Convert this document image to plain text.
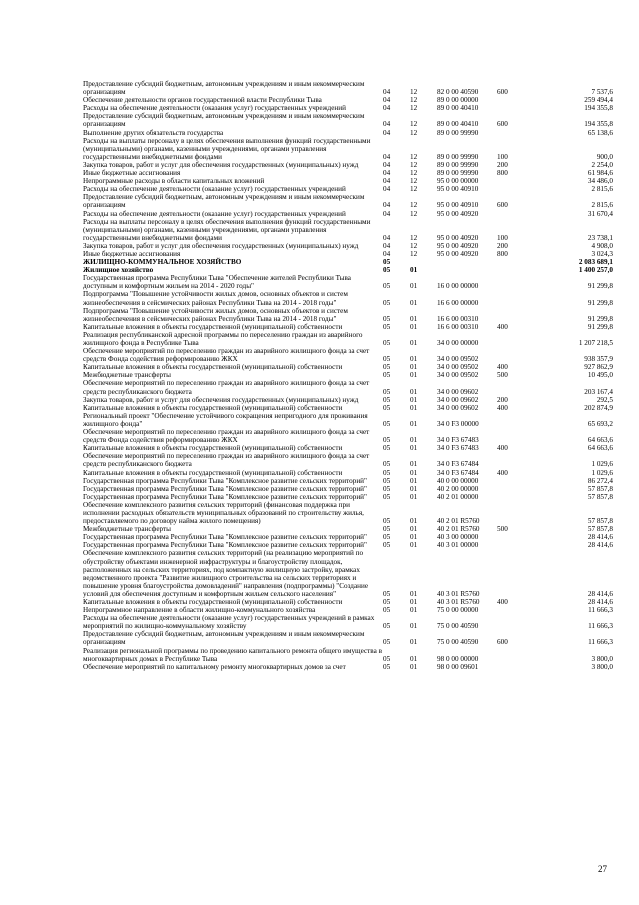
Предоставление субсидий бюджетным, автономным учреждениям и иным некоммерческим организациям	04	12	82 0 00 40590	600	7 537,6
Обеспечение деятельности органов государственной власти Республики Тыва	04	12	89 0 00 00000		259 494,4
Расходы на обеспечение деятельности (оказания услуг) государственных учреждений	04	12	89 0 00 40410		194 355,8
Предоставление субсидий бюджетным, автономным учреждениям и иным некоммерческим организациям	04	12	89 0 00 40410	600	194 355,8
Выполнение других обязательств государства	04	12	89 0 00 99990		65 138,6
Расходы на выплаты персоналу в целях обеспечения выполнения функций государственными (муниципальными) органами, казенными учреждениями, органами управления государственными внебюджетными фондами	04	12	89 0 00 99990	100	900,0
Закупка товаров, работ и услуг для обеспечения государственных (муниципальных) нужд	04	12	89 0 00 99990	200	2 254,0
Иные бюджетные ассигнования	04	12	89 0 00 99990	800	61 984,6
Непрограммные расходы в области капитальных вложений	04	12	95 0 00 00000		34 486,0
Расходы на обеспечение деятельности (оказание услуг) государственных учреждений	04	12	95 0 00 40910		2 815,6
Предоставление субсидий бюджетным, автономным учреждениям и иным некоммерческим организациям	04	12	95 0 00 40910	600	2 815,6
Расходы на обеспечение деятельности (оказание услуг) государственных учреждений	04	12	95 0 00 40920		31 670,4
Расходы на выплаты персоналу в целях обеспечения выполнения функций государственными (муниципальными) органами, казенными учреждениями, органами управления государственными внебюджетными фондами	04	12	95 0 00 40920	100	23 738,1
Закупка товаров, работ и услуг для обеспечения государственных (муниципальных) нужд	04	12	95 0 00 40920	200	4 908,0
Иные бюджетные ассигнования	04	12	95 0 00 40920	800	3 024,3
ЖИЛИЩНО-КОММУНАЛЬНОЕ ХОЗЯЙСТВО	05				2 083 689,1
Жилищное хозяйство	05	01			1 400 257,0
Государственная программа Республики Тыва "Обеспечение жителей Республики Тыва доступным и комфортным жильем на 2014 - 2020 годы"	05	01	16 0 00 00000		91 299,8
Подпрограмма "Повышение устойчивости жилых домов, основных объектов и систем жизнеобеспечения в сейсмических районах Республики Тыва на 2014 - 2018 годы"	05	01	16 6 00 00000		91 299,8
Подпрограмма "Повышение устойчивости жилых домов, основных объектов и систем жизнеобеспечения в сейсмических районах Республики Тыва на 2014 - 2018 годы"	05	01	16 6 00 00310		91 299,8
Капитальные вложения в объекты государственной (муниципальной) собственности	05	01	16 6 00 00310	400	91 299,8
Реализация республиканской адресной программы по переселению граждан из аварийного жилищного фонда в Республике Тыва	05	01	34 0 00 00000		1 207 218,5
Обеспечение мероприятий по переселению граждан из аварийного жилищного фонда за счет средств Фонда содействия реформированию ЖКХ	05	01	34 0 00 09502		938 357,9
Капитальные вложения в объекты государственной (муниципальной) собственности	05	01	34 0 00 09502	400	927 862,9
Межбюджетные трансферты	05	01	34 0 00 09502	500	10 495,0
Обеспечение мероприятий по переселению граждан из аварийного жилищного фонда за счет средств республиканского бюджета	05	01	34 0 00 09602		203 167,4
Закупка товаров, работ и услуг для обеспечения государственных (муниципальных) нужд	05	01	34 0 00 09602	200	292,5
Капитальные вложения в объекты государственной (муниципальной) собственности	05	01	34 0 00 09602	400	202 874,9
Региональный проект "Обеспечение устойчивого сокращения непригодного для проживания жилищного фонда"	05	01	34 0 F3 00000		65 693,2
Обеспечение мероприятий по переселению граждан из аварийного жилищного фонда за счет средств Фонда содействия реформированию ЖКХ	05	01	34 0 F3 67483		64 663,6
Капитальные вложения в объекты государственной (муниципальной) собственности	05	01	34 0 F3 67483	400	64 663,6
Обеспечение мероприятий по переселению граждан из аварийного жилищного фонда за счет средств республиканского бюджета	05	01	34 0 F3 67484		1 029,6
Капитальные вложения в объекты государственной (муниципальной) собственности	05	01	34 0 F3 67484	400	1 029,6
Государственная программа Республики Тыва "Комплексное развитие сельских территорий"	05	01	40 0 00 00000		86 272,4
Государственная программа Республики Тыва "Комплексное развитие сельских территорий"	05	01	40 2 00 00000		57 857,8
Государственная программа Республики Тыва "Комплексное развитие сельских территорий"	05	01	40 2 01 00000		57 857,8
Обеспечение комплексного развития сельских территорий (финансовая поддержка при исполнении расходных обязательств муниципальных образований по строительству жилья, предоставляемого по договору найма жилого помещения)	05	01	40 2 01 R5760		57 857,8
Межбюджетные трансферты	05	01	40 2 01 R5760	500	57 857,8
Государственная программа Республики Тыва "Комплексное развитие сельских территорий"	05	01	40 3 00 00000		28 414,6
Государственная программа Республики Тыва "Комплексное развитие сельских территорий"	05	01	40 3 01 00000		28 414,6
Обеспечение комплексного развития сельских территорий (на реализацию мероприятий по обустройству объектами инженерной инфраструктуры и благоустройству площадок, расположенных на сельских территориях, под компактную жилищную застройку, врамках ведомственного проекта "Развитие жилищного строительства на сельских территориях и повышение уровня благоустройства домовладений" направления (подпрограммы) "Создание условий для обеспечения доступным и комфортным жильем сельского населения"	05	01	40 3 01 R5760		28 414,6
Капитальные вложения в объекты государственной (муниципальной) собственности	05	01	40 3 01 R5760	400	28 414,6
Непрограммное направление в области жилищно-коммунального хозяйства	05	01	75 0 00 00000		11 666,3
Расходы на обеспечение деятельности (оказание услуг) государственных учреждений в рамках мероприятий по жилищно-коммунальному хозяйству	05	01	75 0 00 40590		11 666,3
Предоставление субсидий бюджетным, автономным учреждениям и иным некоммерческим организациям	05	01	75 0 00 40590	600	11 666,3
Реализация региональной программы по проведению капитального ремонта общего имущества в многоквартирных домах в Республике Тыва	05	01	98 0 00 00000		3 800,0
Обеспечение мероприятий по капитальному ремонту многоквартирных домов за счет	05	01	98 0 00 09601		3 800,0
27
